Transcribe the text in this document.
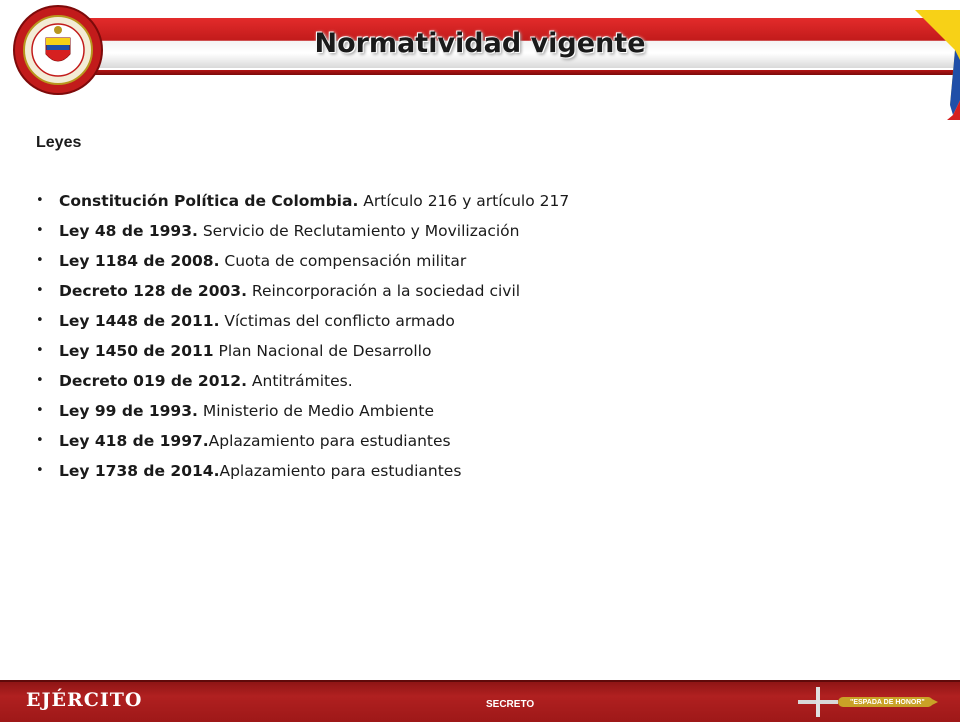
Normatividad vigente
Leyes
• Constitución Política de Colombia. Artículo 216 y artículo 217
• Ley 48 de 1993. Servicio de Reclutamiento y Movilización
• Ley 1184 de 2008. Cuota de compensación militar
• Decreto 128 de 2003. Reincorporación a la sociedad civil
• Ley 1448 de 2011. Víctimas del conflicto armado
• Ley 1450 de 2011 Plan Nacional de Desarrollo
• Decreto 019 de 2012. Antitrámites.
• Ley 99 de 1993. Ministerio de Medio Ambiente
• Ley 418 de 1997.Aplazamiento para estudiantes
• Ley 1738 de 2014.Aplazamiento para estudiantes
EJÉRCITO	SECRETO	"ESPADA DE HONOR"
